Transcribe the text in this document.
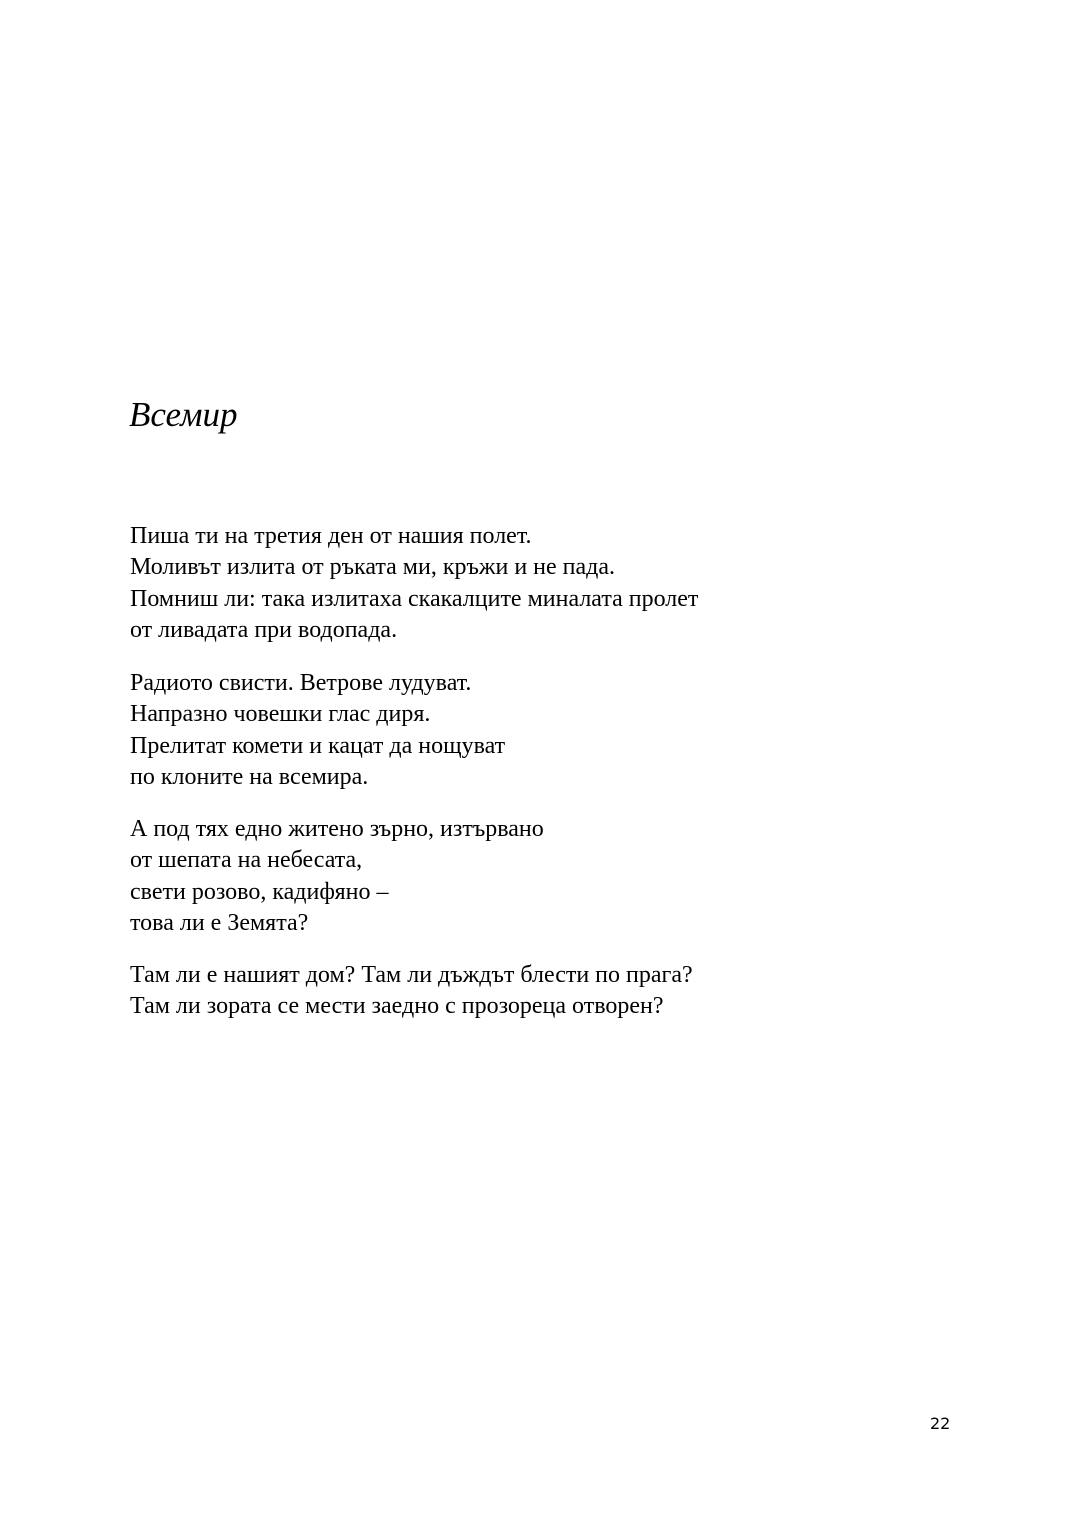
Всемир
Пиша ти на третия ден от нашия полет.
Моливът излита от ръката ми, кръжи и не пада.
Помниш ли: така излитаха скакалците миналата пролет
от ливадата при водопада.
Радиото свисти. Ветрове лудуват.
Напразно човешки глас диря.
Прелитат комети и кацат да нощуват
по клоните на всемира.
А под тях едно житено зърно, изтървано
от шепата на небесата,
свети розово, кадифяно –
това ли е Земята?
Там ли е нашият дом? Там ли дъждът блести по прага?
Там ли зората се мести заедно с прозореца отворен?
22
